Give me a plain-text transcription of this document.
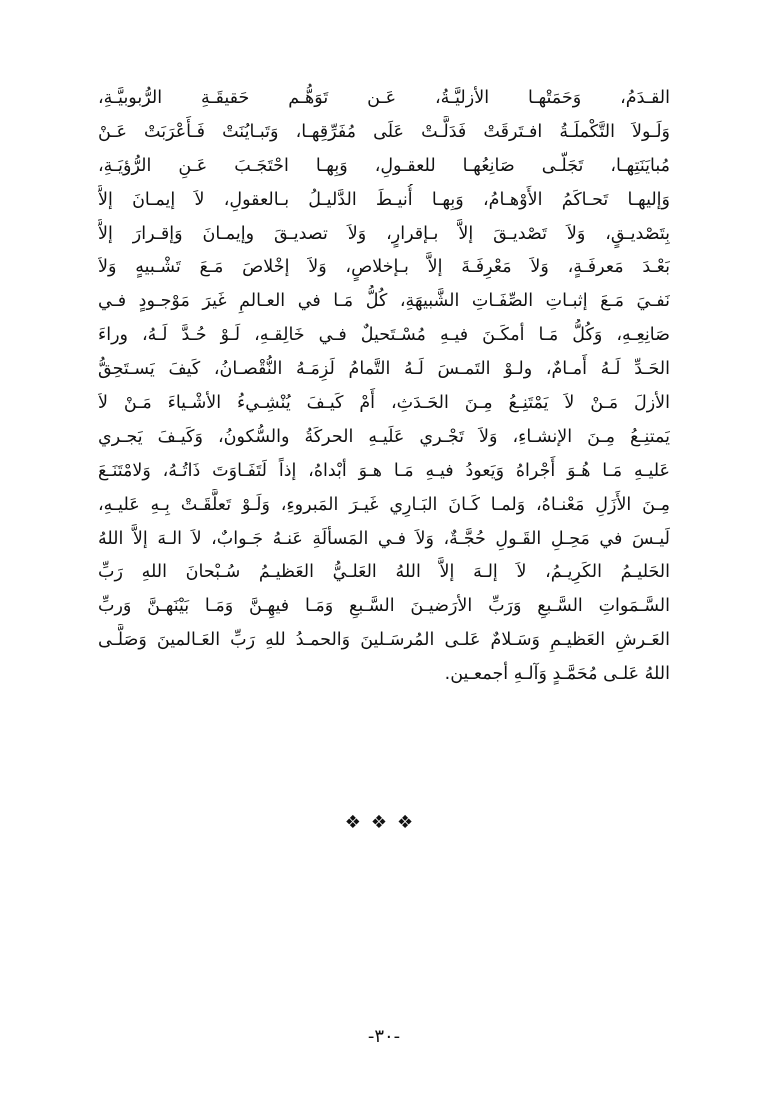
القـدَمُ، وَحَمَتْهـا الأزليَّـةُ، عَـن تَوَهُّـم حَقيقَـةِ الرُّبوبيَّـةِ،
وَلَـولاَ التَّكْملَـةُ افـتَرقَتْ فَدَلَّـتْ عَلَى مُفَرِّقِهـا، وَتَبـايُنَتْ فَـأَعْرَبَتْ عَـنْ
مُبايَنَتِهـا، تَجَلّـى صَانِعُهـا للعقـولِ، وَبِهـا احْتَجَـبَ عَـنِ الرُّؤيَـةِ،
وَإليهـا تَحـاكَمُ الأَوْهـامُ، وَبِهـا أُنيـطَ الدَّليـلُ بـالعقولِ، لاَ إيمـانَ إلاَّ
بِتَصْديـقٍ، وَلاَ تَصْديـقَ إلاَّ بـإقرارٍ، وَلاَ تصديـقَ وإيمـانَ وَإقـرارَ إلاَّ
بَعْـدَ مَعرفَـةٍ، وَلاَ مَعْرِفَـةَ إلاَّ بـإخلاصٍ، وَلاَ إخْلاصَ مَـعَ تَشْـبيهٍ وَلاَ
نَفـيَ مَـعَ إثبـاتِ الصِّفَـاتِ الشَّبيهَةِ، كُلُّ مَـا في العـالمِ غَيرَ مَوْجـودٍ فـي
صَانِعِـهِ، وَكُلُّ مَـا أمكَـنَ فيـهِ مُسْـتَحيلٌ فـي خَالِقـهِ، لَـوْ حُـدَّ لَـهُ، وراءَ
الحَـدِّ لَـهُ أَمـامٌ، ولـوْ التَمـسَ لَـهُ التَّمامُ لَزِمَـهُ النُّقْصـانُ، كَيفَ يَسـتَحِقُّ
الأزلَ مَـنْ لاَ يَمْتَنِـعُ مِـنَ الحَـدَثِ، أَمْ كَيـفَ يُنْشِـيءُ الأشْـياءَ مَـنْ لاَ
يَمتنِـعُ مِـنَ الإنشـاءِ، وَلاَ تَجْـري عَلَيـهِ الحركَةُ والسُّكونُ، وَكَيـفَ يَجـري
عَليـهِ مَـا هُـوَ أَجْراهُ وَيَعودُ فيـهِ مَـا هـوَ أبْداهُ، إذاً لَتَفَـاوَتَ ذَاتُـهُ، وَلامْتَنَـعَ
مِـنَ الأَزَلِ مَعْنـاهُ، وَلمـا كَـانَ البَـارِي غَيـرَ المَبروءِ، وَلَـوْ تَعلَّقَـتْ بِـهِ عَليـهِ،
لَيـسَ في مَحِـلِ القَـولِ حُجَّـةٌ، وَلاَ فـي المَسألَةِ عَنـهُ جَـوابٌ، لاَ الـهَ إلاَّ اللهُ
الحَليـمُ الكَرِيـمُ، لاَ إلـهَ إلاَّ اللهُ العَلـيُّ العَظيـمُ سُـبْحانَ اللهِ رَبِّ
السَّـمَواتِ السَّـبعِ وَرَبِّ الأرَضيـنَ السَّـبعِ وَمَـا فيهِـنَّ وَمَـا بَيْنَهـنَّ وَربِّ
العَـرشِ العَظيـمِ وَسَـلامٌ عَلـى المُرسَـلينَ وَالحمـدُ للهِ رَبِّ العَـالمينَ وَصَلَّـى
اللهُ عَلـى مُحَمَّـدٍ وَآلـهِ أجمعـين.
❖❖❖
-٣٠-
